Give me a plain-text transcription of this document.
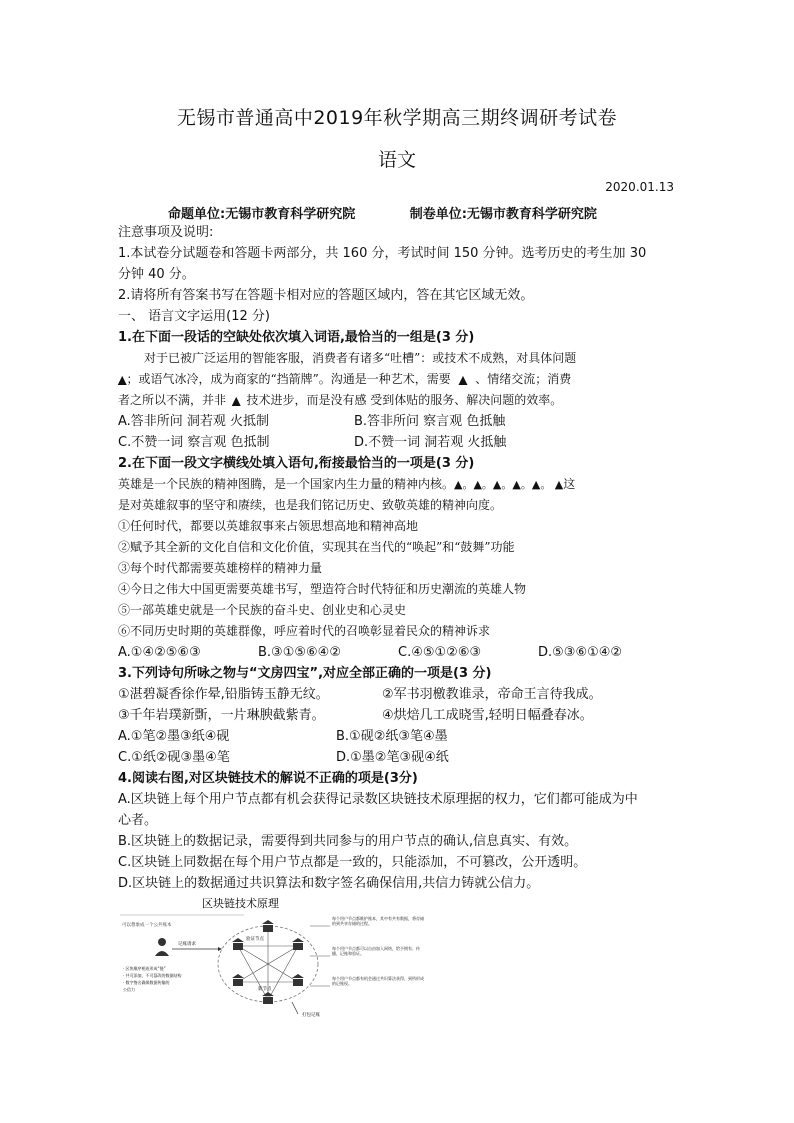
无锡市普通高中2019年秋学期高三期终调研考试卷
语文
2020.01.13
命题单位:无锡市教育科学研究院	制卷单位:无锡市教育科学研究院

注意事项及说明:

1.本试卷分试题卷和答题卡两部分，共 160 分，考试时间 150 分钟。选考历史的考生加 30

分钟 40 分。

2.请将所有答案书写在答题卡相对应的答题区域内，答在其它区域无效。

一、 语言文字运用(12 分)

1.在下面一段话的空缺处依次填入词语,最恰当的一组是(3 分)

对于已被广泛运用的智能客服，消费者有诸多“吐槽”：或技术不成熟，对具体问题

▲；或语气冰冷，成为商家的“挡箭牌”。沟通是一种艺术，需要 ▲ 、情绪交流；消费

者之所以不满，并非 ▲ 技术进步，而是没有感 受到体贴的服务、解决问题的效率。

A.答非所问 洞若观 火抵制	B.答非所问 察言观 色抵触
C.不赞一词 察言观 色抵制	D.不赞一词 洞若观 火抵触

2.在下面一段文字横线处填入语句,衔接最恰当的一项是(3 分)

英雄是一个民族的精神图腾，是一个国家内生力量的精神内核。▲。▲。▲。▲。▲。 ▲这

是对英雄叙事的坚守和赓续，也是我们铭记历史、致敬英雄的精神向度。

①任何时代，都要以英雄叙事来占领思想高地和精神高地

②赋予其全新的文化自信和文化价值，实现其在当代的“唤起”和“鼓舞”功能

③每个时代都需要英雄榜样的精神力量

④今日之伟大中国更需要英雄书写，塑造符合时代特征和历史潮流的英雄人物

⑤一部英雄史就是一个民族的奋斗史、创业史和心灵史

⑥不同历史时期的英雄群像，呼应着时代的召唤彰显着民众的精神诉求

A.①④②⑤⑥③	B.③①⑤⑥④②	C.④⑤①②⑥③	D.⑤③⑥①④②

3.下列诗句所咏之物与“文房四宝”,对应全部正确的一项是(3 分)

①湛碧凝香徐作晕,铅脂铸玉静无纹。	②军书羽檄教谁录，帝命王言待我成。
③千年岩璞新斲，一片琳腴截紫青。	④烘焙几工成晓雪,轻明日幅叠春冰。
A.①笔②墨③纸④砚	B.①砚②纸③笔④墨
C.①纸②砚③墨④笔	D.①墨②笔③砚④纸

4.阅读右图,对区块链技术的解说不正确的项是(3分)

A.区块链上每个用户节点都有机会获得记录数区块链技术原理据的权力，它们都可能成为中

心者。

B.区块链上的数据记录，需要得到共同参与的用户节点的确认,信息真实、有效。

C.区块链上同数据在每个用户节点都是一致的，只能添加，不可篡改，公开透明。

D.区块链上的数据通过共识算法和数字签名确保信用,共信力铸就公信力。

区块链技术原理
可以想象成一个公共账本
记账请求
· 区块顺序相连形成“链”
· 共可添加，不可篡改的数据结构
· 数字签名确保数据传输的
公信力
验证节点
新节点
打包记账
每个用户节点都维护账本，其中有共有数据，将存储的到共享存储的过程。
每个用户节点都可以自由加入网络，给予拥有、传播，记账和验证。
每个用户节点都有机会通过共识算法获得，到所形成的记账权。
